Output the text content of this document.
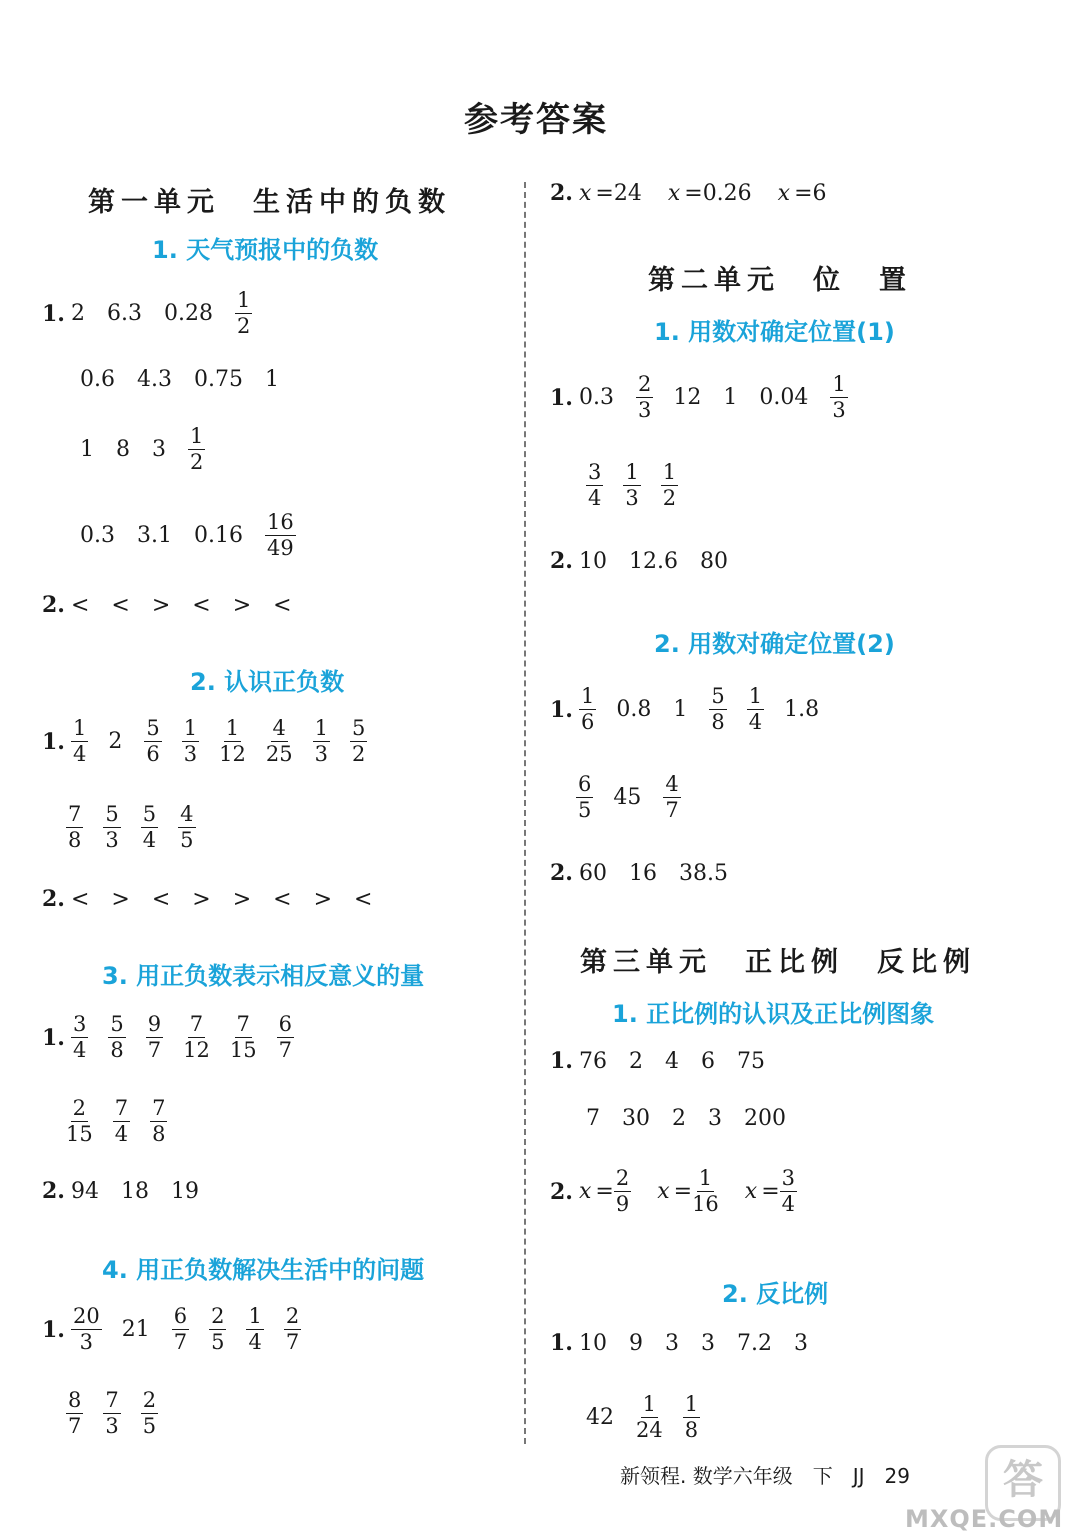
参考答案
第一单元　生活中的负数
1. 天气预报中的负数
1. 2 6.3 $0.28 \frac{1}{2}$
0.6 4.3 0.75 1
1 8 $3 \frac{1}{2}$
0.3 3.1 $0.16 \frac{16}{49}$
2. < < > < > <
2. 认识正负数
1. $\frac{1}{4} 2 \frac{5}{6} \frac{1}{3} \frac{1}{12} \frac{4}{25} \frac{1}{3} \frac{5}{2}$
$\frac{7}{8} \frac{5}{3} \frac{5}{4} \frac{4}{5}$
2. < > < > > < > <
3. 用正负数表示相反意义的量
1. $\frac{3}{4} \frac{5}{8} \frac{9}{7} \frac{7}{12} \frac{7}{15} \frac{6}{7}$
$\frac{2}{15} \frac{7}{4} \frac{7}{8}$
2. 94 18 19
4. 用正负数解决生活中的问题
1. $\frac{20}{3} 21 \frac{6}{7} \frac{2}{5} \frac{1}{4} \frac{2}{7}$
$\frac{8}{7} \frac{7}{3} \frac{2}{5}$
2. x = 24 x = 0.26 x = 6
第二单元　位　置
1. 用数对确定位置(1)
1. $0.3 \frac{2}{3} 12$ 1 $0.04 \frac{1}{3}$
$\frac{3}{4} \frac{1}{3} \frac{1}{2}$
2. 10 12.6 80
2. 用数对确定位置(2)
1. $\frac{1}{6} 0.8$ $1 \frac{5}{8} \frac{1}{4} 1.8$
$\frac{6}{5} 45 \frac{4}{7}$
2. 60 16 38.5
第三单元　正比例　反比例
1. 正比例的认识及正比例图象
1. 76 2 4 6 75
7 30 2 3 200
2. $x = \frac{2}{9}$ $x = \frac{1}{16}$ $x = \frac{3}{4}$
2. 反比例
1. 10 9 3 3 7.2 3
$42 \frac{1}{24} \frac{1}{8}$
新领程. 数学六年级　下　JJ　29	答
MXQE.COM
